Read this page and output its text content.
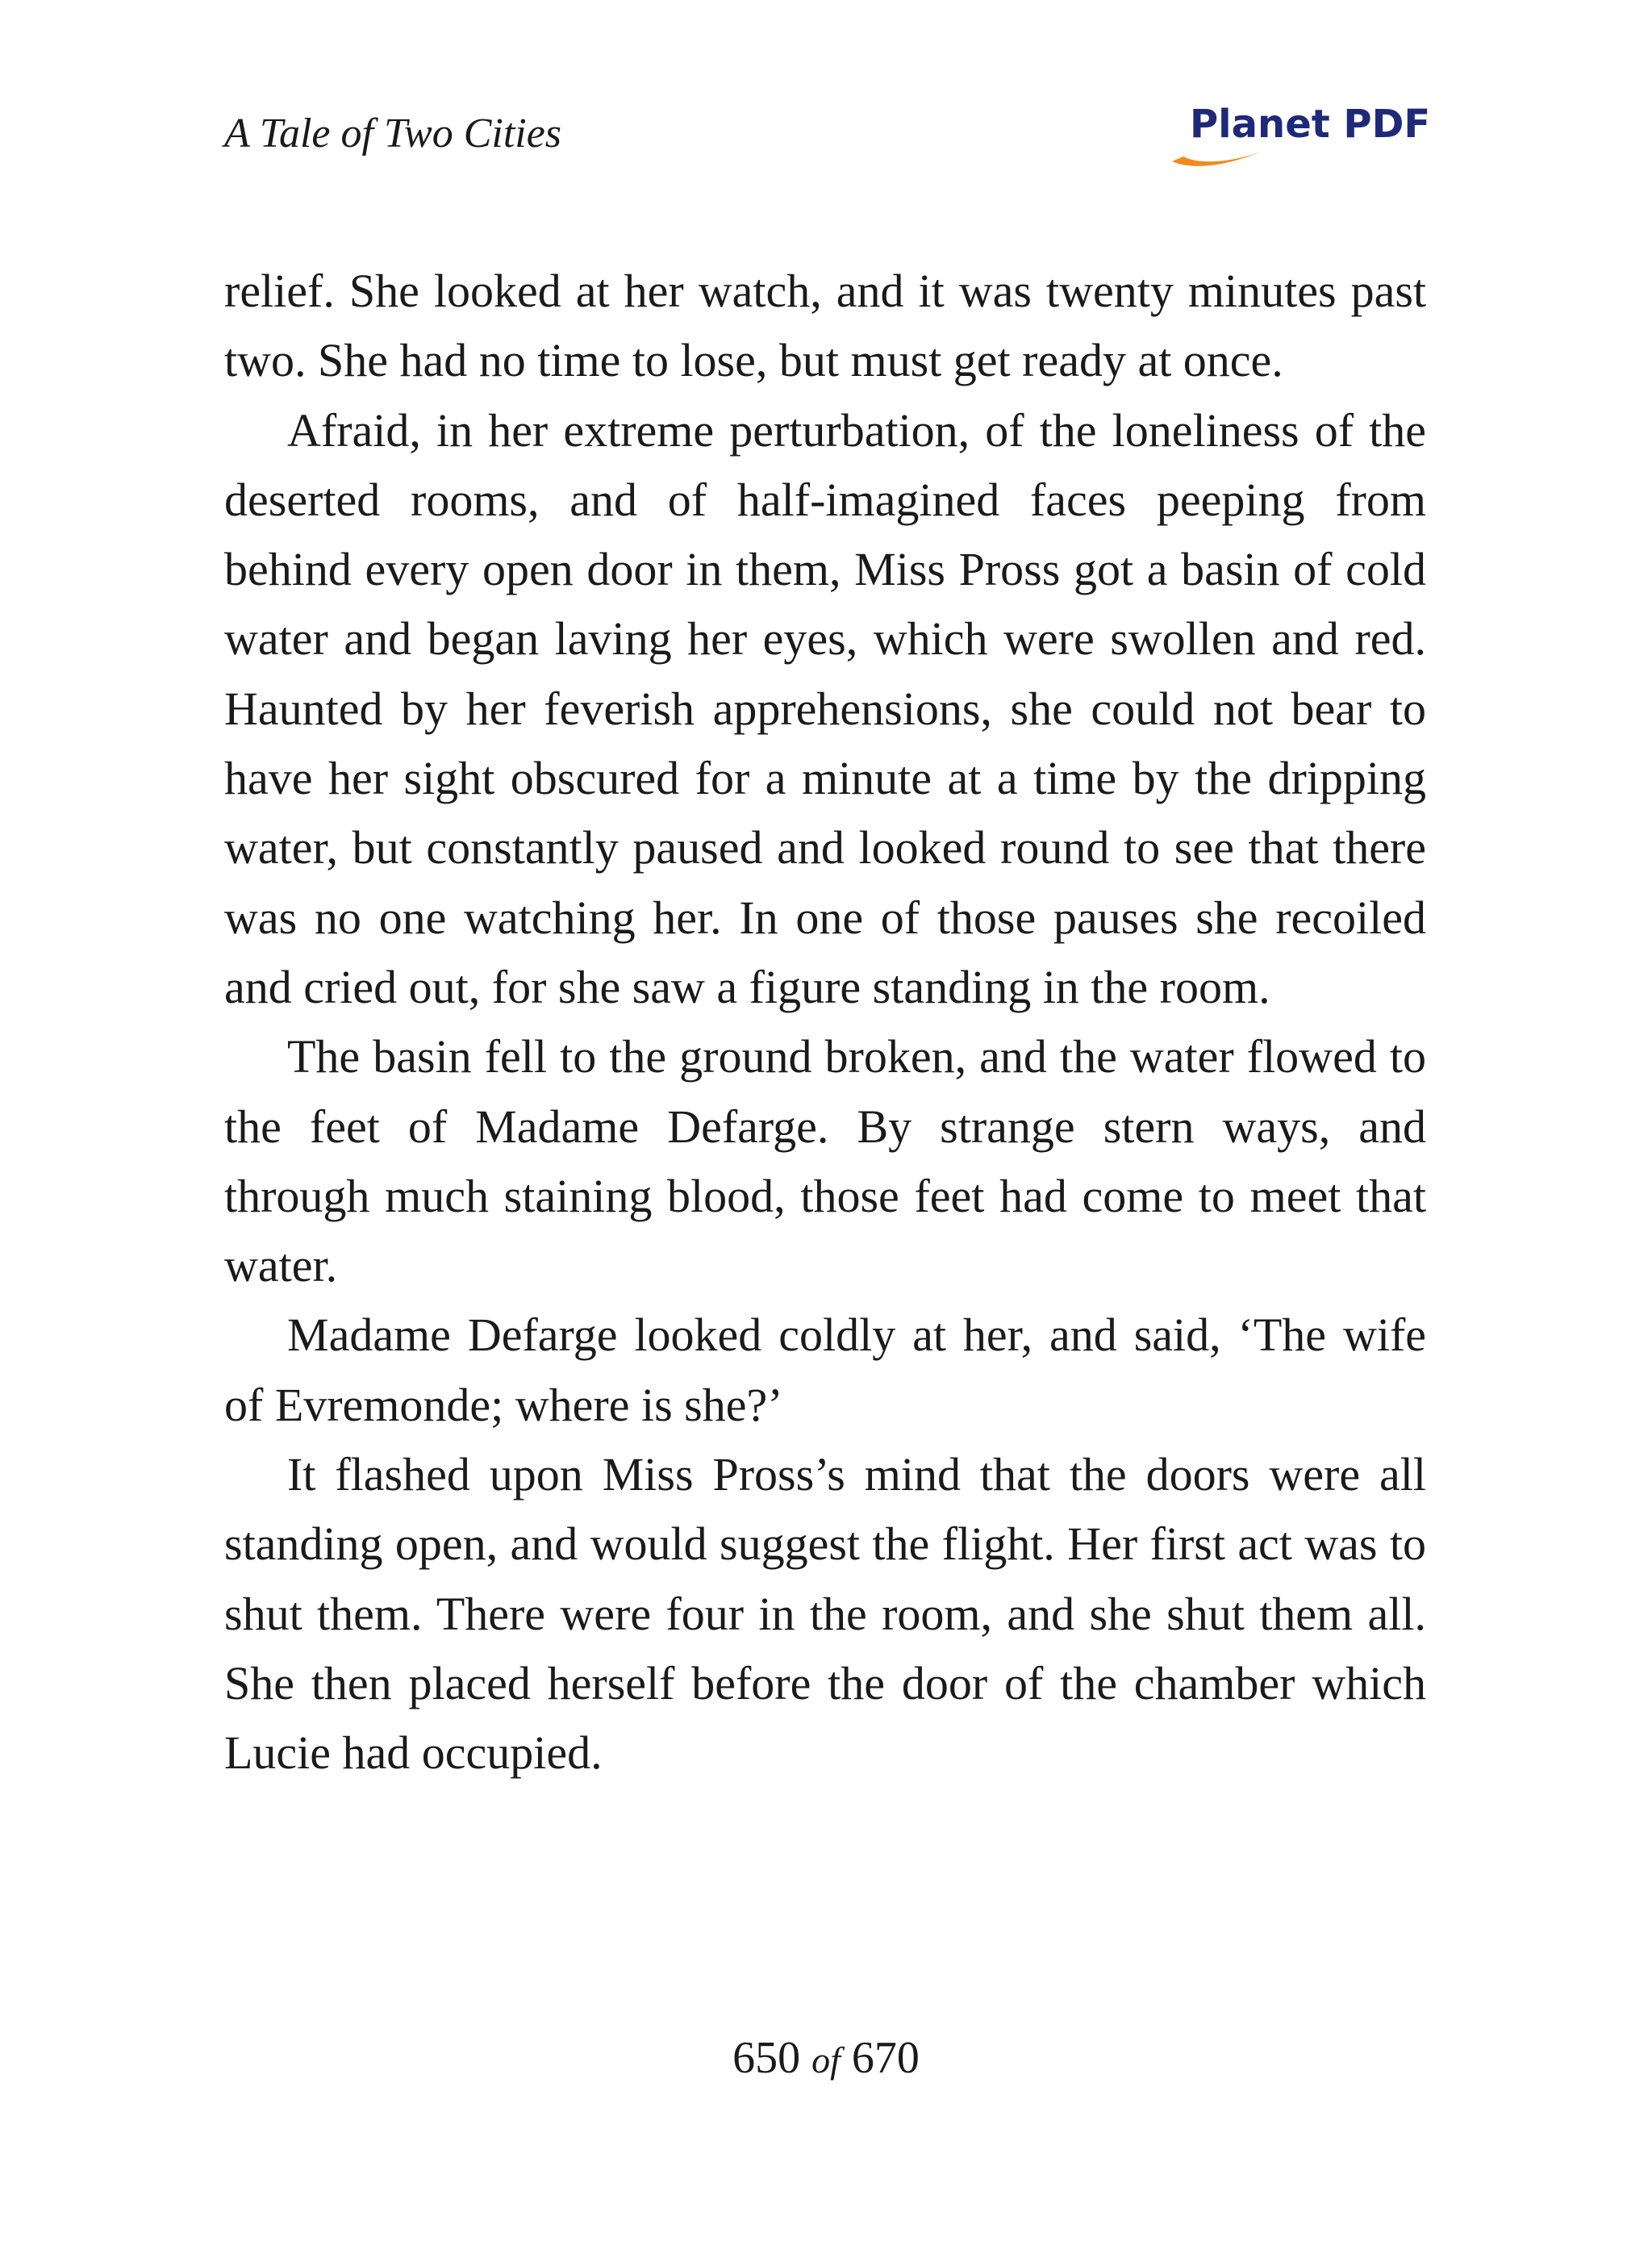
A Tale of Two Cities	Planet PDF

relief. She looked at her watch, and it was twenty minutes past two. She had no time to lose, but must get ready at once.

Afraid, in her extreme perturbation, of the loneliness of the deserted rooms, and of half-imagined faces peeping from behind every open door in them, Miss Pross got a basin of cold water and began laving her eyes, which were swollen and red. Haunted by her feverish apprehensions, she could not bear to have her sight obscured for a minute at a time by the dripping water, but constantly paused and looked round to see that there was no one watching her. In one of those pauses she recoiled and cried out, for she saw a figure standing in the room.

The basin fell to the ground broken, and the water flowed to the feet of Madame Defarge. By strange stern ways, and through much staining blood, those feet had come to meet that water.

Madame Defarge looked coldly at her, and said, ‘The wife of Evremonde; where is she?’

It flashed upon Miss Pross’s mind that the doors were all standing open, and would suggest the flight. Her first act was to shut them. There were four in the room, and she shut them all. She then placed herself before the door of the chamber which Lucie had occupied.

650 of 670
